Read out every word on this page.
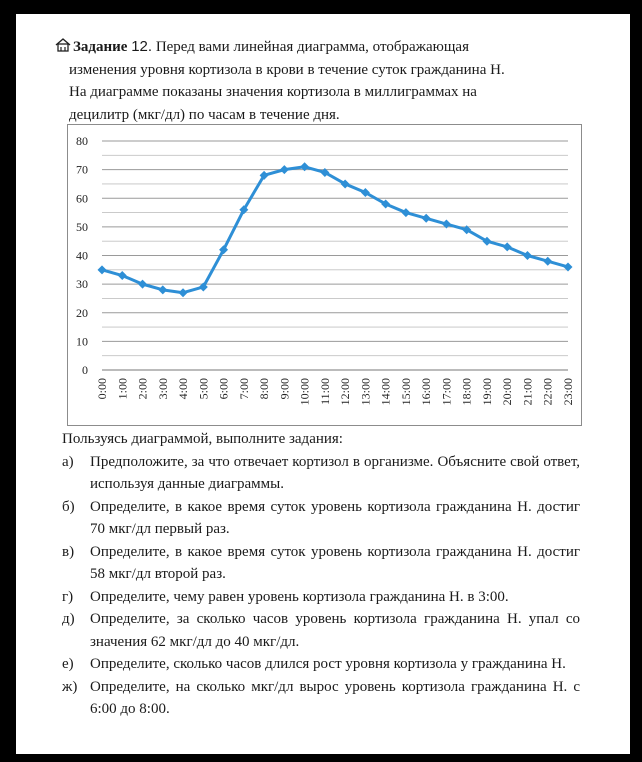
Задание 12. Перед вами линейная диаграмма, отображающая
изменения уровня кортизола в крови в течение суток гражданина Н.
На диаграмме показаны значения кортизола в миллиграммах на
децилитр (мкг/дл) по часам в течение дня.
0
10
20
30
40
50
60
70
80
0:00 1:00 2:00 3:00 4:00 5:00 6:00 7:00 8:00 9:00 10:00 11:00 12:00 13:00 14:00 15:00 16:00 17:00 18:00 19:00 20:00 21:00 22:00 23:00
Пользуясь диаграммой, выполните задания:
а) Предположите, за что отвечает кортизол в организме. Объясните свой ответ, используя данные диаграммы.
б) Определите, в какое время суток уровень кортизола гражданина Н. достиг 70 мкг/дл первый раз.
в) Определите, в какое время суток уровень кортизола гражданина Н. достиг 58 мкг/дл второй раз.
г) Определите, чему равен уровень кортизола гражданина Н. в 3:00.
д) Определите, за сколько часов уровень кортизола гражданина Н. упал со значения 62 мкг/дл до 40 мкг/дл.
е) Определите, сколько часов длился рост уровня кортизола у гражданина Н.
ж) Определите, на сколько мкг/дл вырос уровень кортизола гражданина Н. с 6:00 до 8:00.
